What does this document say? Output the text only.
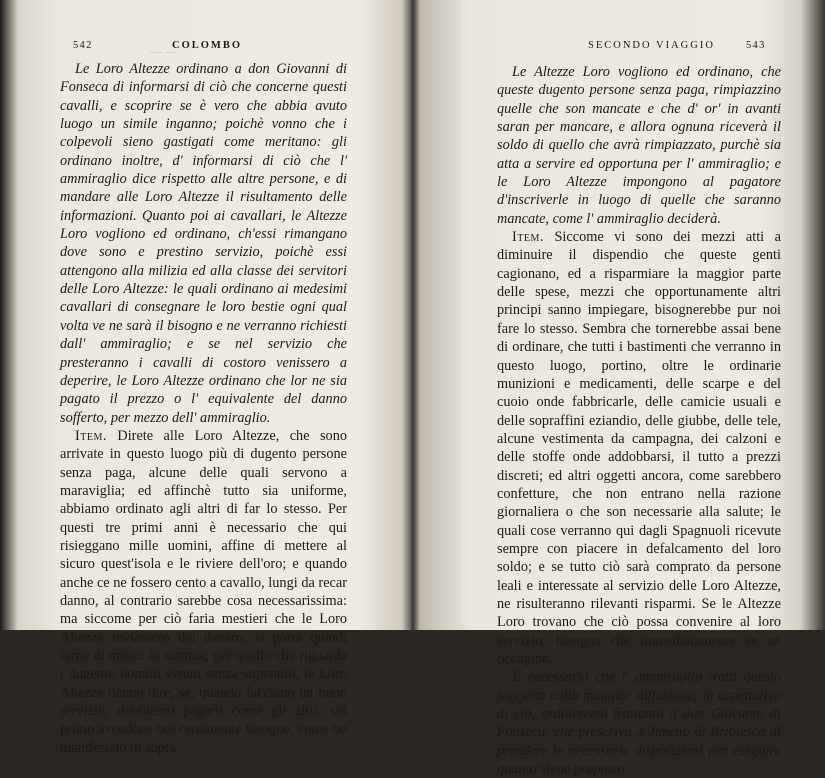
— —
542	COLOMBO

Le Loro Altezze ordinano a don Giovanni di Fonseca di informarsi di ciò che concerne questi cavalli, e scoprire se è vero che abbia avuto luogo un simile inganno; poichè vonno che i colpevoli sieno gastigati come meritano: gli ordinano inoltre, d' informarsi di ciò che l' ammiraglio dice rispetto alle altre persone, e di mandare alle Loro Altezze il risultamento delle informazioni. Quanto poi ai cavallari, le Altezze Loro vogliono ed ordinano, ch'essi rimangano dove sono e prestino servizio, poichè essi attengono alla milizia ed alla classe dei servitori delle Loro Altezze: le quali ordinano ai medesimi cavallari di consegnare le loro bestie ogni qual volta ve ne sarà il bisogno e ne verranno richiesti dall' ammiraglio; e se nel servizio che presteranno i cavalli di costoro venissero a deperire, le Loro Altezze ordinano che lor ne sia pagato il prezzo o l' equivalente del danno sofferto, per mezzo dell' ammiraglio.

Item. Direte alle Loro Altezze, che sono arrivate in questo luogo più di dugento persone senza paga, alcune delle quali servono a maraviglia; ed affinchè tutto sia uniforme, abbiamo ordinato agli altri di far lo stesso. Per questi tre primi anni è necessario che qui risieggano mille uomini, affine di mettere al sicuro quest'isola e le riviere dell'oro; e quando anche ce ne fossero cento a cavallo, lungi da recar danno, al contrario sarebbe cosa necessarissima: ma siccome per ciò faria mestieri che le Loro Altezze inviassero del danaro, si potrà quindi farne di meno. In somma, per quello che riguarda i dugento uomini venuti senza stipendio, le Loro Altezze denno dire, se, quando facciano un buon servizio, dobbiamo pagarli come gli altri, sul primo avendone noi certamente bisogno, come ho manifestato di sopra.

SECONDO VIAGGIO	543

Le Altezze Loro vogliono ed ordinano, che queste dugento persone senza paga, rimpiazzino quelle che son mancate e che d' or' in avanti saran per mancare, e allora ognuna riceverà il soldo di quello che avrà rimpiazzato, purchè sia atta a servire ed opportuna per l' ammiraglio; e le Loro Altezze impongono al pagatore d'inscriverle in luogo di quelle che saranno mancate, come l' ammiraglio deciderà.

Item. Siccome vi sono dei mezzi atti a diminuire il dispendio che queste genti cagionano, ed a risparmiare la maggior parte delle spese, mezzi che opportunamente altri principi sanno impiegare, bisognerebbe pur noi fare lo stesso. Sembra che tornerebbe assai bene di ordinare, che tutti i bastimenti che verranno in questo luogo, portino, oltre le ordinarie munizioni e medicamenti, delle scarpe e del cuoio onde fabbricarle, delle camicie usuali e delle sopraffini eziandio, delle giubbe, delle tele, alcune vestimenta da campagna, dei calzoni e delle stoffe onde addobbarsi, il tutto a prezzi discreti; ed altri oggetti ancora, come sarebbero confetture, che non entrano nella razione giornaliera o che son necessarie alla salute; le quali cose verranno qui dagli Spagnuoli ricevute sempre con piacere in defalcamento del loro soldo; e se tutto ciò sarà comprato da persone leali e interessate al servizio delle Loro Altezze, ne risulteranno rilevanti risparmi. Se le Altezze Loro trovano che ciò possa convenire al loro servizio, bisogna che immediatamente se ne occupino.

È necessario che l' ammiraglio tratti questo soggetto colla maggior diffusione; in aspettativa di ciò, ordineremo frattanto a don Giovanni di Fonseca, che prescriva a Jimeno di Bribiesca di prendere le necessarie disposizioni per eseguire quanto viene proposto.
